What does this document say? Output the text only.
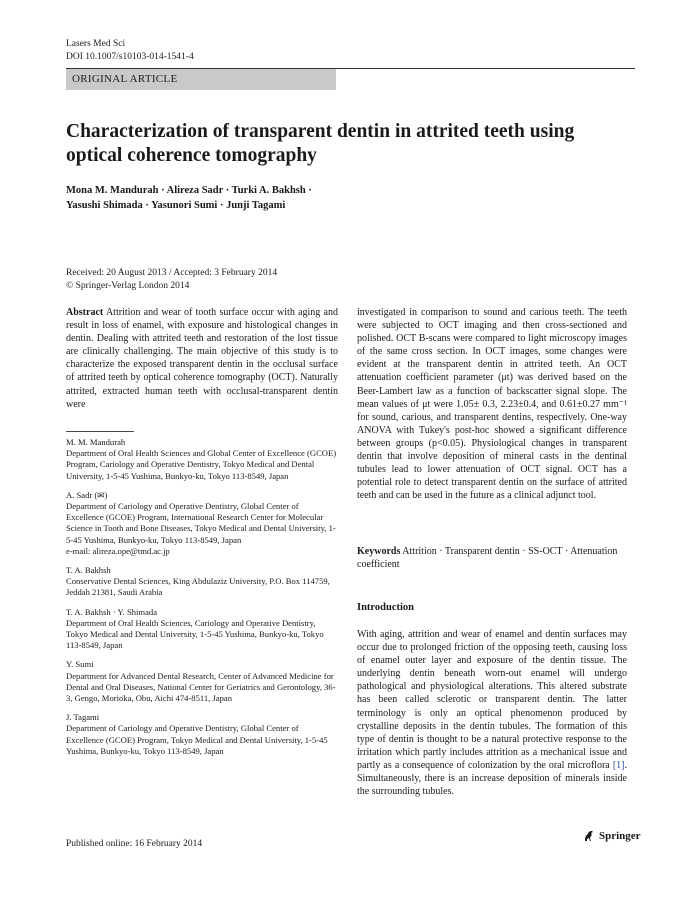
Lasers Med Sci
DOI 10.1007/s10103-014-1541-4
ORIGINAL ARTICLE
Characterization of transparent dentin in attrited teeth using optical coherence tomography
Mona M. Mandurah · Alireza Sadr · Turki A. Bakhsh ·
Yasushi Shimada · Yasunori Sumi · Junji Tagami
Received: 20 August 2013 / Accepted: 3 February 2014
© Springer-Verlag London 2014
Abstract Attrition and wear of tooth surface occur with aging and result in loss of enamel, with exposure and histological changes in dentin. Dealing with attrited teeth and restoration of the lost tissue are clinically challenging. The main objective of this study is to characterize the exposed transparent dentin in the occlusal surface of attrited teeth by optical coherence tomography (OCT). Naturally attrited, extracted human teeth with occlusal-transparent dentin were
investigated in comparison to sound and carious teeth. The teeth were subjected to OCT imaging and then cross-sectioned and polished. OCT B-scans were compared to light microscopy images of the same cross section. In OCT images, some changes were evident at the transparent dentin in attrited teeth. An OCT attenuation coefficient parameter (μt) was derived based on the Beer-Lambert law as a function of backscatter signal slope. The mean values of μt were 1.05± 0.3, 2.23±0.4, and 0.61±0.27 mm⁻¹ for sound, carious, and transparent dentins, respectively. One-way ANOVA with Tukey's post-hoc showed a significant difference between groups (p<0.05). Physiological changes in transparent dentin that involve deposition of mineral casts in the dentinal tubules lead to lower attenuation of OCT signal. OCT has a potential role to detect transparent dentin on the surface of attrited teeth and can be used in the future as a clinical adjunct tool.
M. M. Mandurah
Department of Oral Health Sciences and Global Center of Excellence (GCOE) Program, Cariology and Operative Dentistry, Tokyo Medical and Dental University, 1-5-45 Yushima, Bunkyo-ku, Tokyo 113-8549, Japan
A. Sadr (✉)
Department of Cariology and Operative Dentistry, Global Center of Excellence (GCOE) Program, International Research Center for Molecular Science in Tooth and Bone Diseases, Tokyo Medical and Dental University, 1-5-45 Yushima, Bunkyo-ku, Tokyo 113-8549, Japan
e-mail: alireza.ope@tmd.ac.jp
T. A. Bakhsh
Conservative Dental Sciences, King Abdulaziz University, P.O. Box 114759, Jeddah 21381, Saudi Arabia
T. A. Bakhsh · Y. Shimada
Department of Oral Health Sciences, Cariology and Operative Dentistry, Tokyo Medical and Dental University, 1-5-45 Yushima, Bunkyo-ku, Tokyo 113-8549, Japan
Y. Sumi
Department for Advanced Dental Research, Center of Advanced Medicine for Dental and Oral Diseases, National Center for Geriatrics and Gerontology, 36-3, Gengo, Morioka, Obu, Aichi 474-8511, Japan
J. Tagami
Department of Cariology and Operative Dentistry, Global Center of Excellence (GCOE) Program, Tokyo Medical and Dental University, 1-5-45 Yushima, Bunkyo-ku, Tokyo 113-8549, Japan
Keywords Attrition · Transparent dentin · SS-OCT · Attenuation coefficient
Introduction
With aging, attrition and wear of enamel and dentin surfaces may occur due to prolonged friction of the opposing teeth, causing loss of enamel outer layer and exposure of the dentin tissue. The underlying dentin beneath worn-out enamel will undergo pathological and physiological alterations. This altered substrate has been called sclerotic or transparent dentin. The latter terminology is only an optical phenomenon produced by crystalline deposits in the dentin tubules. The formation of this type of dentin is thought to be a natural protective response to the irritation which partly includes attrition as a mechanical issue and partly as a consequence of colonization by the oral microflora [1]. Simultaneously, there is an increase deposition of minerals inside the surrounding tubules.
Published online: 16 February 2014
Springer
